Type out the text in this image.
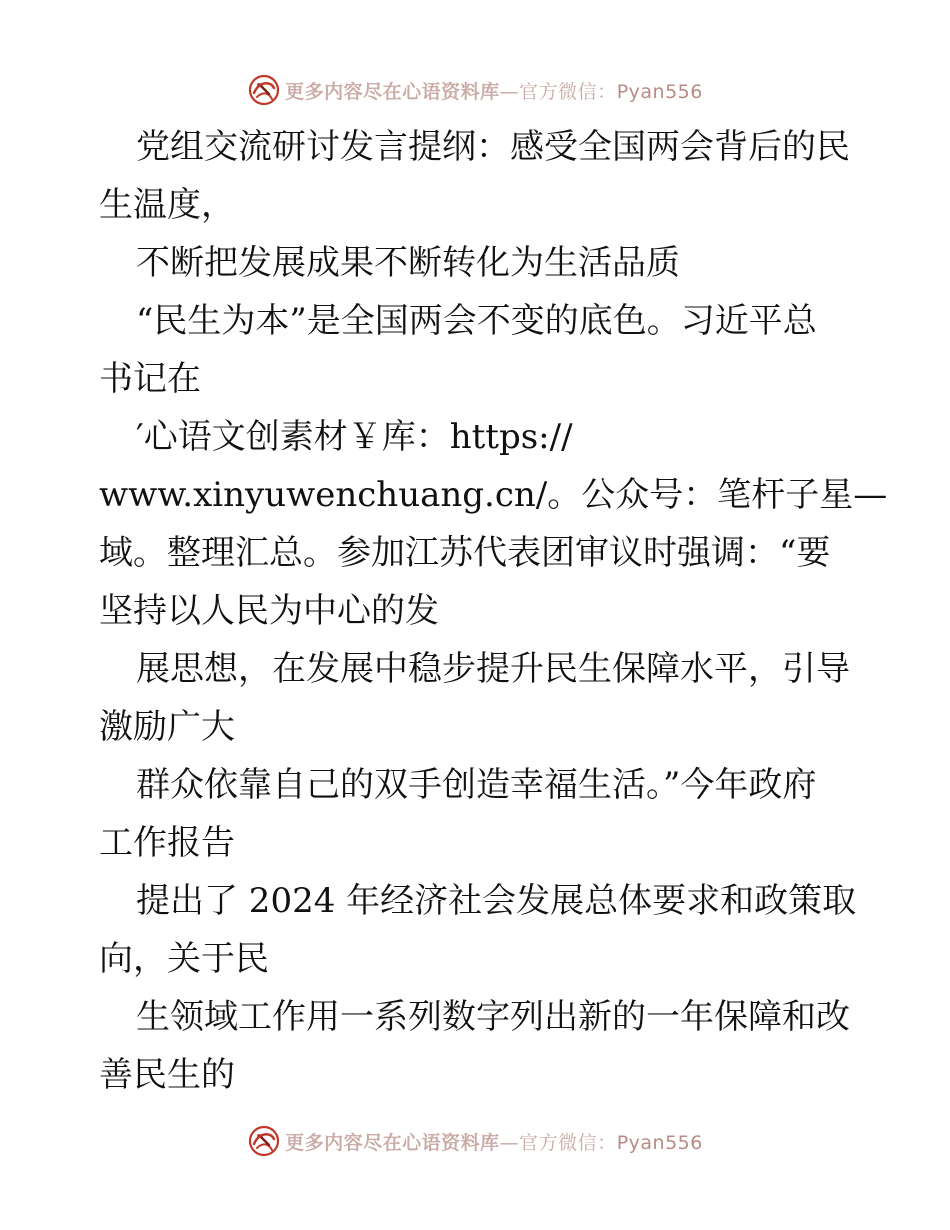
更多内容尽在心语资料库—官方微信：Pyan556
党组交流研讨发言提纲：感受全国两会背后的民
生温度，
不断把发展成果不断转化为生活品质
“民生为本”是全国两会不变的底色。习近平总
书记在
′心语文创素材￥库：https://
www.xinyuwenchuang.cn/。公众号：笔杆子星—
域。整理汇总。参加江苏代表团审议时强调：“要
坚持以人民为中心的发
展思想，在发展中稳步提升民生保障水平，引导
激励广大
群众依靠自己的双手创造幸福生活。”今年政府
工作报告
提出了 2024 年经济社会发展总体要求和政策取
向，关于民
生领域工作用一系列数字列出新的一年保障和改
善民生的
更多内容尽在心语资料库—官方微信：Pyan556
